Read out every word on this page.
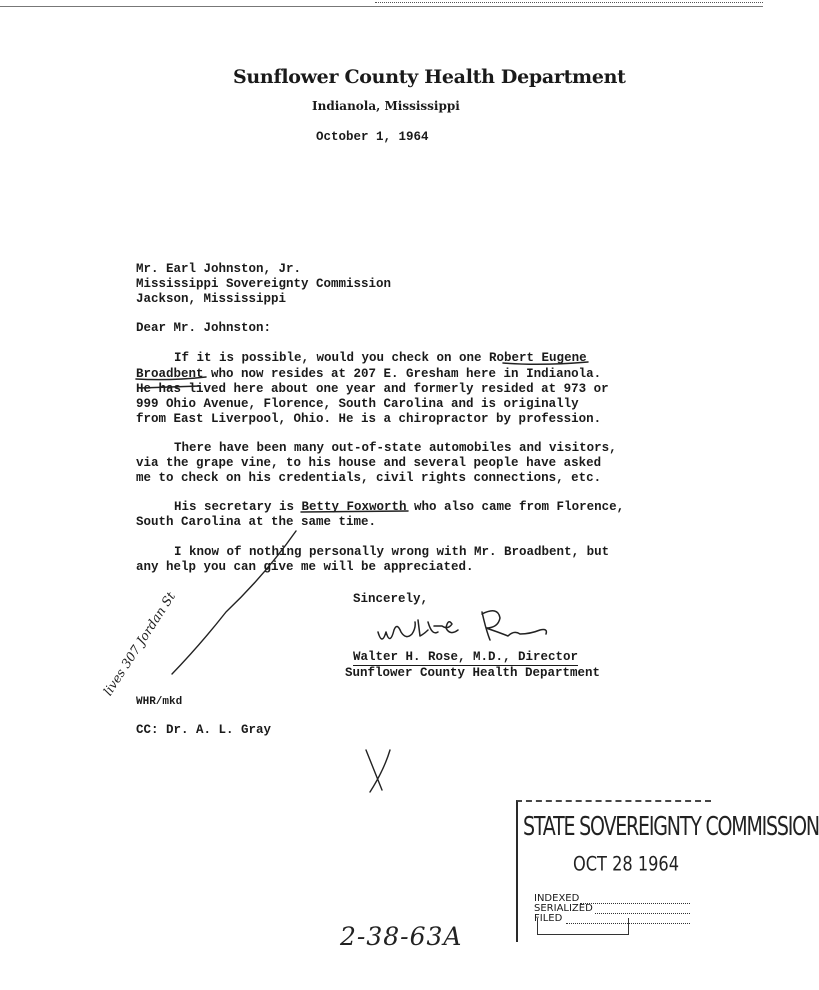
Sunflower County Health Department
Indianola, Mississippi
October 1, 1964
Mr. Earl Johnston, Jr.
Mississippi Sovereignty Commission
Jackson, Mississippi
Dear Mr. Johnston:
If it is possible, would you check on one Robert Eugene
Broadbent who now resides at 207 E. Gresham here in Indianola.
He has lived here about one year and formerly resided at 973 or
999 Ohio Avenue, Florence, South Carolina and is originally
from East Liverpool, Ohio. He is a chiropractor by profession.
There have been many out-of-state automobiles and visitors,
via the grape vine, to his house and several people have asked
me to check on his credentials, civil rights connections, etc.
His secretary is Betty Foxworth who also came from Florence,
South Carolina at the same time.
I know of nothing personally wrong with Mr. Broadbent, but
any help you can give me will be appreciated.
Sincerely,
Walter H. Rose, M.D., Director
Sunflower County Health Department
WHR/mkd
CC: Dr. A. L. Gray
lives 307 Jordan St
2-38-63A
STATE SOVEREIGNTY COMMISSION
OCT 28 1964
INDEXED
SERIALIZED
FILED
